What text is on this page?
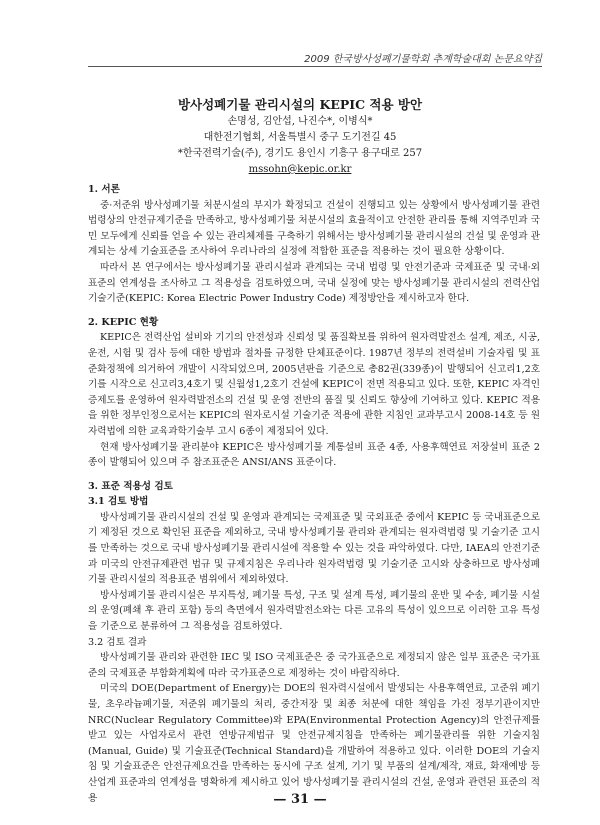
2009 한국방사성폐기물학회 추계학술대회 논문요약집
방사성폐기물 관리시설의 KEPIC 적용 방안
손명성, 김안섭, 나진수*, 이병식*
대한전기협회, 서울특별시 중구 도기전길 45
*한국전력기술(주), 경기도 용인시 기흥구 용구대로 257
mssohn@kepic.or.kr

1. 서론

중·저준위 방사성폐기물 처분시설의 부지가 확정되고 건설이 진행되고 있는 상황에서 방사성폐기물 관련 법령상의 안전규제기준을 만족하고, 방사성폐기물 처분시설의 효율적이고 안전한 관리를 통해 지역주민과 국민 모두에게 신뢰를 얻을 수 있는 관리체제를 구축하기 위해서는 방사성폐기물 관리시설의 건설 및 운영과 관계되는 상세 기술표준을 조사하여 우리나라의 실정에 적합한 표준을 적용하는 것이 필요한 상황이다.

따라서 본 연구에서는 방사성폐기물 관리시설과 관계되는 국내 법령 및 안전기준과 국제표준 및 국내·외 표준의 연계성을 조사하고 그 적용성을 검토하였으며, 국내 실정에 맞는 방사성폐기물 관리시설의 전력산업기술기준(KEPIC: Korea Electric Power Industry Code) 제정방안을 제시하고자 한다.

2. KEPIC 현황

KEPIC은 전력산업 설비와 기기의 안전성과 신뢰성 및 품질확보를 위하여 원자력발전소 설계, 제조, 시공, 운전, 시험 및 검사 등에 대한 방법과 절차를 규정한 단체표준이다. 1987년 정부의 전력설비 기술자립 및 표준화정책에 의거하여 개발이 시작되었으며, 2005년판을 기준으로 총82권(339종)이 발행되어 신고리1,2호기를 시작으로 신고리3,4호기 및 신월성1,2호기 건설에 KEPIC이 전면 적용되고 있다. 또한, KEPIC 자격인증제도를 운영하여 원자력발전소의 건설 및 운영 전반의 품질 및 신뢰도 향상에 기여하고 있다. KEPIC 적용을 위한 정부인정으로서는 KEPIC의 원자로시설 기술기준 적용에 관한 지침인 교과부고시 2008-14호 등 원자력법에 의한 교육과학기술부 고시 6종이 제정되어 있다.

현재 방사성폐기물 관리분야 KEPIC은 방사성폐기물 계통설비 표준 4종, 사용후핵연료 저장설비 표준 2종이 발행되어 있으며 주 참조표준은 ANSI/ANS 표준이다.

3. 표준 적용성 검토

3.1 검토 방법

방사성폐기물 관리시설의 건설 및 운영과 관계되는 국제표준 및 국외표준 중에서 KEPIC 등 국내표준으로 기 제정된 것으로 확인된 표준을 제외하고, 국내 방사성폐기물 관리와 관계되는 원자력법령 및 기술기준 고시를 만족하는 것으로 국내 방사성폐기물 관리시설에 적용할 수 있는 것을 파악하였다. 다만, IAEA의 안전기준과 미국의 안전규제관련 법규 및 규제지침은 우리나라 원자력법령 및 기술기준 고시와 상충하므로 방사성폐기물 관리시설의 적용표준 범위에서 제외하였다.

방사성폐기물 관리시설은 부지특성, 폐기물 특성, 구조 및 설계 특성, 폐기물의 운반 및 수송, 폐기물 시설의 운영(폐쇄 후 관리 포함) 등의 측면에서 원자력발전소와는 다른 고유의 특성이 있으므로 이러한 고유 특성을 기준으로 분류하여 그 적용성을 검토하였다.

3.2 검토 결과

방사성폐기물 관리와 관련한 IEC 및 ISO 국제표준은 중 국가표준으로 제정되지 않은 일부 표준은 국가표준의 국제표준 부합화계획에 따라 국가표준으로 제정하는 것이 바람직하다.

미국의 DOE(Department of Energy)는 DOE의 원자력시설에서 발생되는 사용후핵연료, 고준위 폐기물, 초우라늄폐기물, 저준위 폐기물의 처리, 중간저장 및 최종 처분에 대한 책임을 가진 정부기관이지만 NRC(Nuclear Regulatory Committee)와 EPA(Environmental Protection Agency)의 안전규제를 받고 있는 사업자로서 관련 연방규제법규 및 안전규제지침을 만족하는 폐기물관리를 위한 기술지침(Manual, Guide) 및 기술표준(Technical Standard)을 개발하여 적용하고 있다. 이러한 DOE의 기술지침 및 기술표준은 안전규제요건을 만족하는 동시에 구조 설계, 기기 및 부품의 설계/제작, 재료, 화재예방 등 산업계 표준과의 연계성을 명확하게 제시하고 있어 방사성폐기물 관리시설의 건설, 운영과 관련된 표준의 적용	— 31 —
